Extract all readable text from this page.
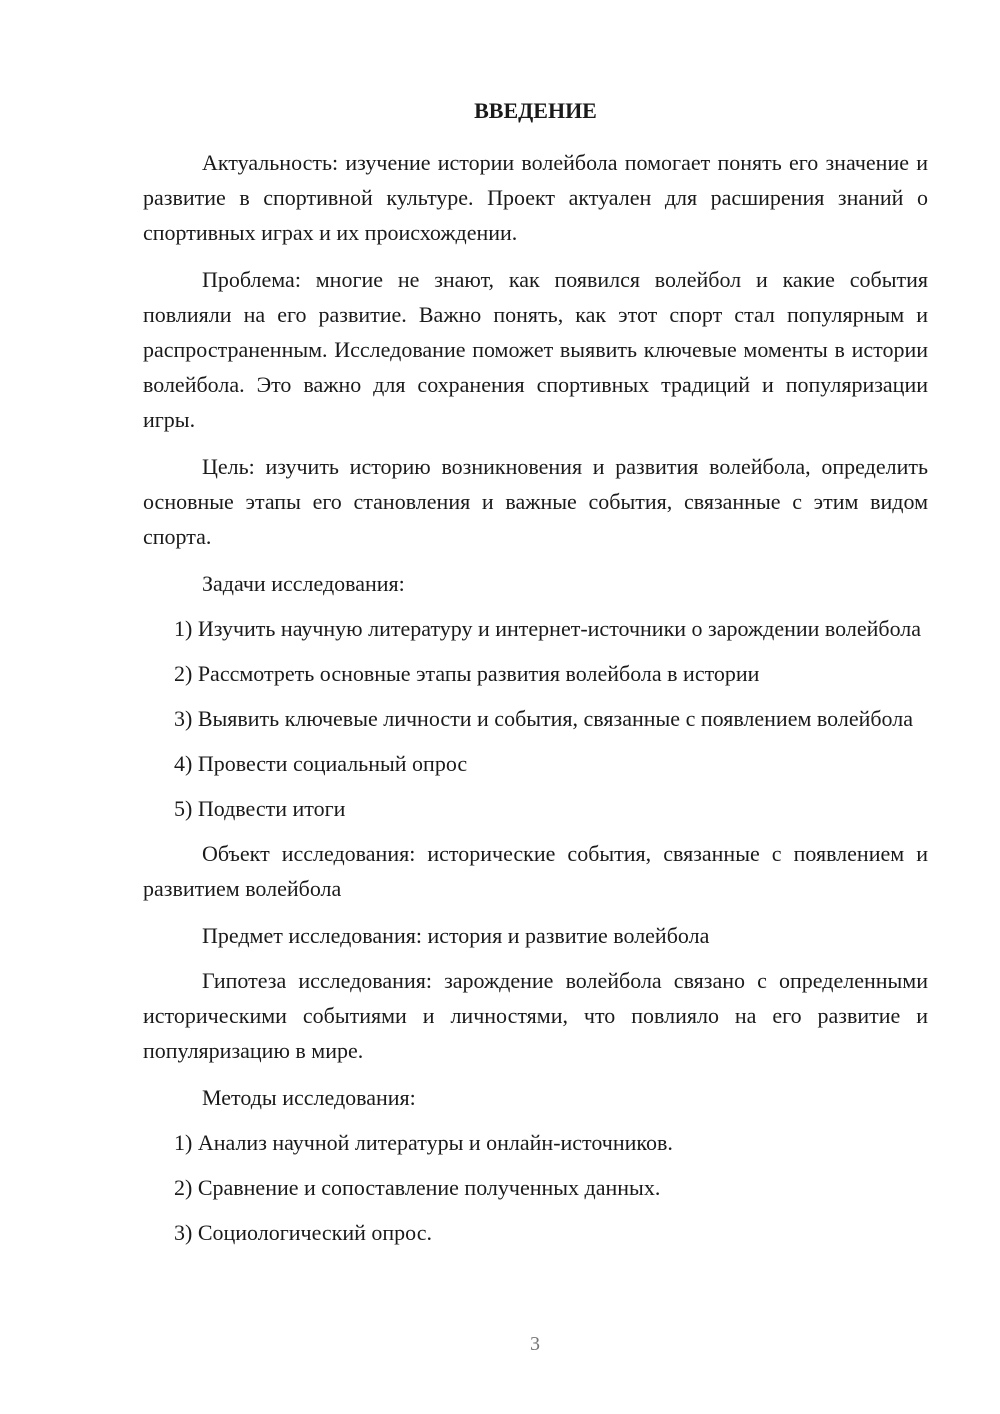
ВВЕДЕНИЕ

Актуальность: изучение истории волейбола помогает понять его значение и развитие в спортивной культуре. Проект актуален для расширения знаний о спортивных играх и их происхождении.

Проблема: многие не знают, как появился волейбол и какие события повлияли на его развитие. Важно понять, как этот спорт стал популярным и распространенным. Исследование поможет выявить ключевые моменты в истории волейбола. Это важно для сохранения спортивных традиций и популяризации игры.

Цель: изучить историю возникновения и развития волейбола, определить основные этапы его становления и важные события, связанные с этим видом спорта.

Задачи исследования:

1) Изучить научную литературу и интернет-источники о зарождении волейбола

2) Рассмотреть основные этапы развития волейбола в истории

3) Выявить ключевые личности и события, связанные с появлением волейбола

4) Провести социальный опрос

5) Подвести итоги

Объект исследования: исторические события, связанные с появлением и развитием волейбола

Предмет исследования: история и развитие волейбола

Гипотеза исследования: зарождение волейбола связано с определенными историческими событиями и личностями, что повлияло на его развитие и популяризацию в мире.

Методы исследования:

1) Анализ научной литературы и онлайн-источников.

2) Сравнение и сопоставление полученных данных.

3) Социологический опрос.

3
